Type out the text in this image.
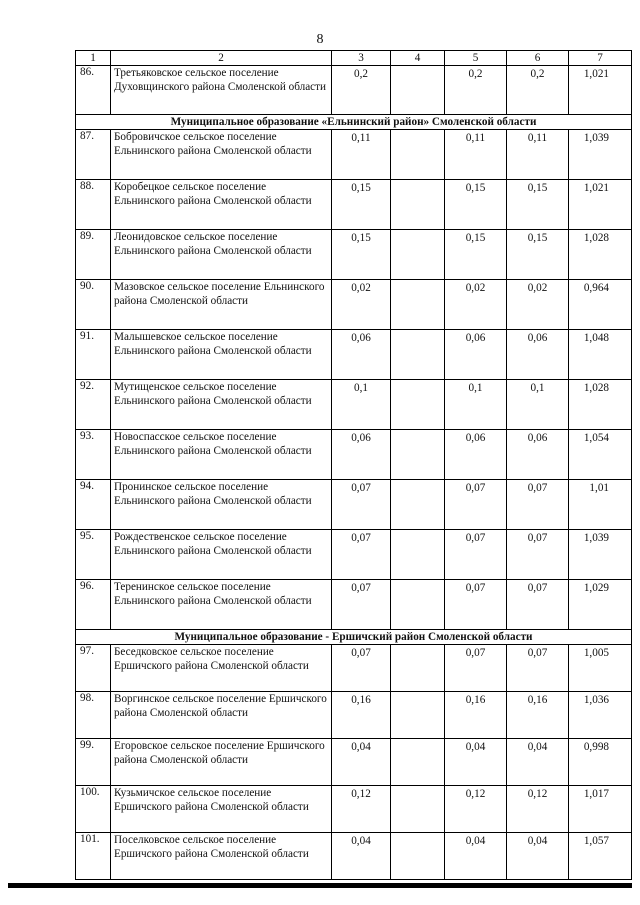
8
1	2	3	4	5	6	7
86.	Третьяковское сельское поселение Духовщинского района Смоленской области	0,2		0,2	0,2	1,021
Муниципальное образование «Ельнинский район» Смоленской области						
87.	Бобровичское сельское поселение Ельнинского района Смоленской области	0,11		0,11	0,11	1,039
88.	Коробецкое сельское поселение Ельнинского района Смоленской области	0,15		0,15	0,15	1,021
89.	Леонидовское сельское поселение Ельнинского района Смоленской области	0,15		0,15	0,15	1,028
90.	Мазовское сельское поселение Ельнинского района Смоленской области	0,02		0,02	0,02	0,964
91.	Малышевское сельское поселение Ельнинского района Смоленской области	0,06		0,06	0,06	1,048
92.	Мутищенское сельское поселение Ельнинского района Смоленской области	0,1		0,1	0,1	1,028
93.	Новоспасское сельское поселение Ельнинского района Смоленской области	0,06		0,06	0,06	1,054
94.	Пронинское сельское поселение Ельнинского района Смоленской области	0,07		0,07	0,07	1,01
95.	Рождественское сельское поселение Ельнинского района Смоленской области	0,07		0,07	0,07	1,039
96.	Теренинское сельское поселение Ельнинского района Смоленской области	0,07		0,07	0,07	1,029
Муниципальное образование - Ершичский район Смоленской области						
97.	Беседковское сельское поселение Ершичского района Смоленской области	0,07		0,07	0,07	1,005
98.	Воргинское сельское поселение Ершичского района Смоленской области	0,16		0,16	0,16	1,036
99.	Егоровское сельское поселение Ершичского района Смоленской области	0,04		0,04	0,04	0,998
100.	Кузьмичское сельское поселение Ершичского района Смоленской области	0,12		0,12	0,12	1,017
101.	Поселковское сельское поселение Ершичского района Смоленской области	0,04		0,04	0,04	1,057
